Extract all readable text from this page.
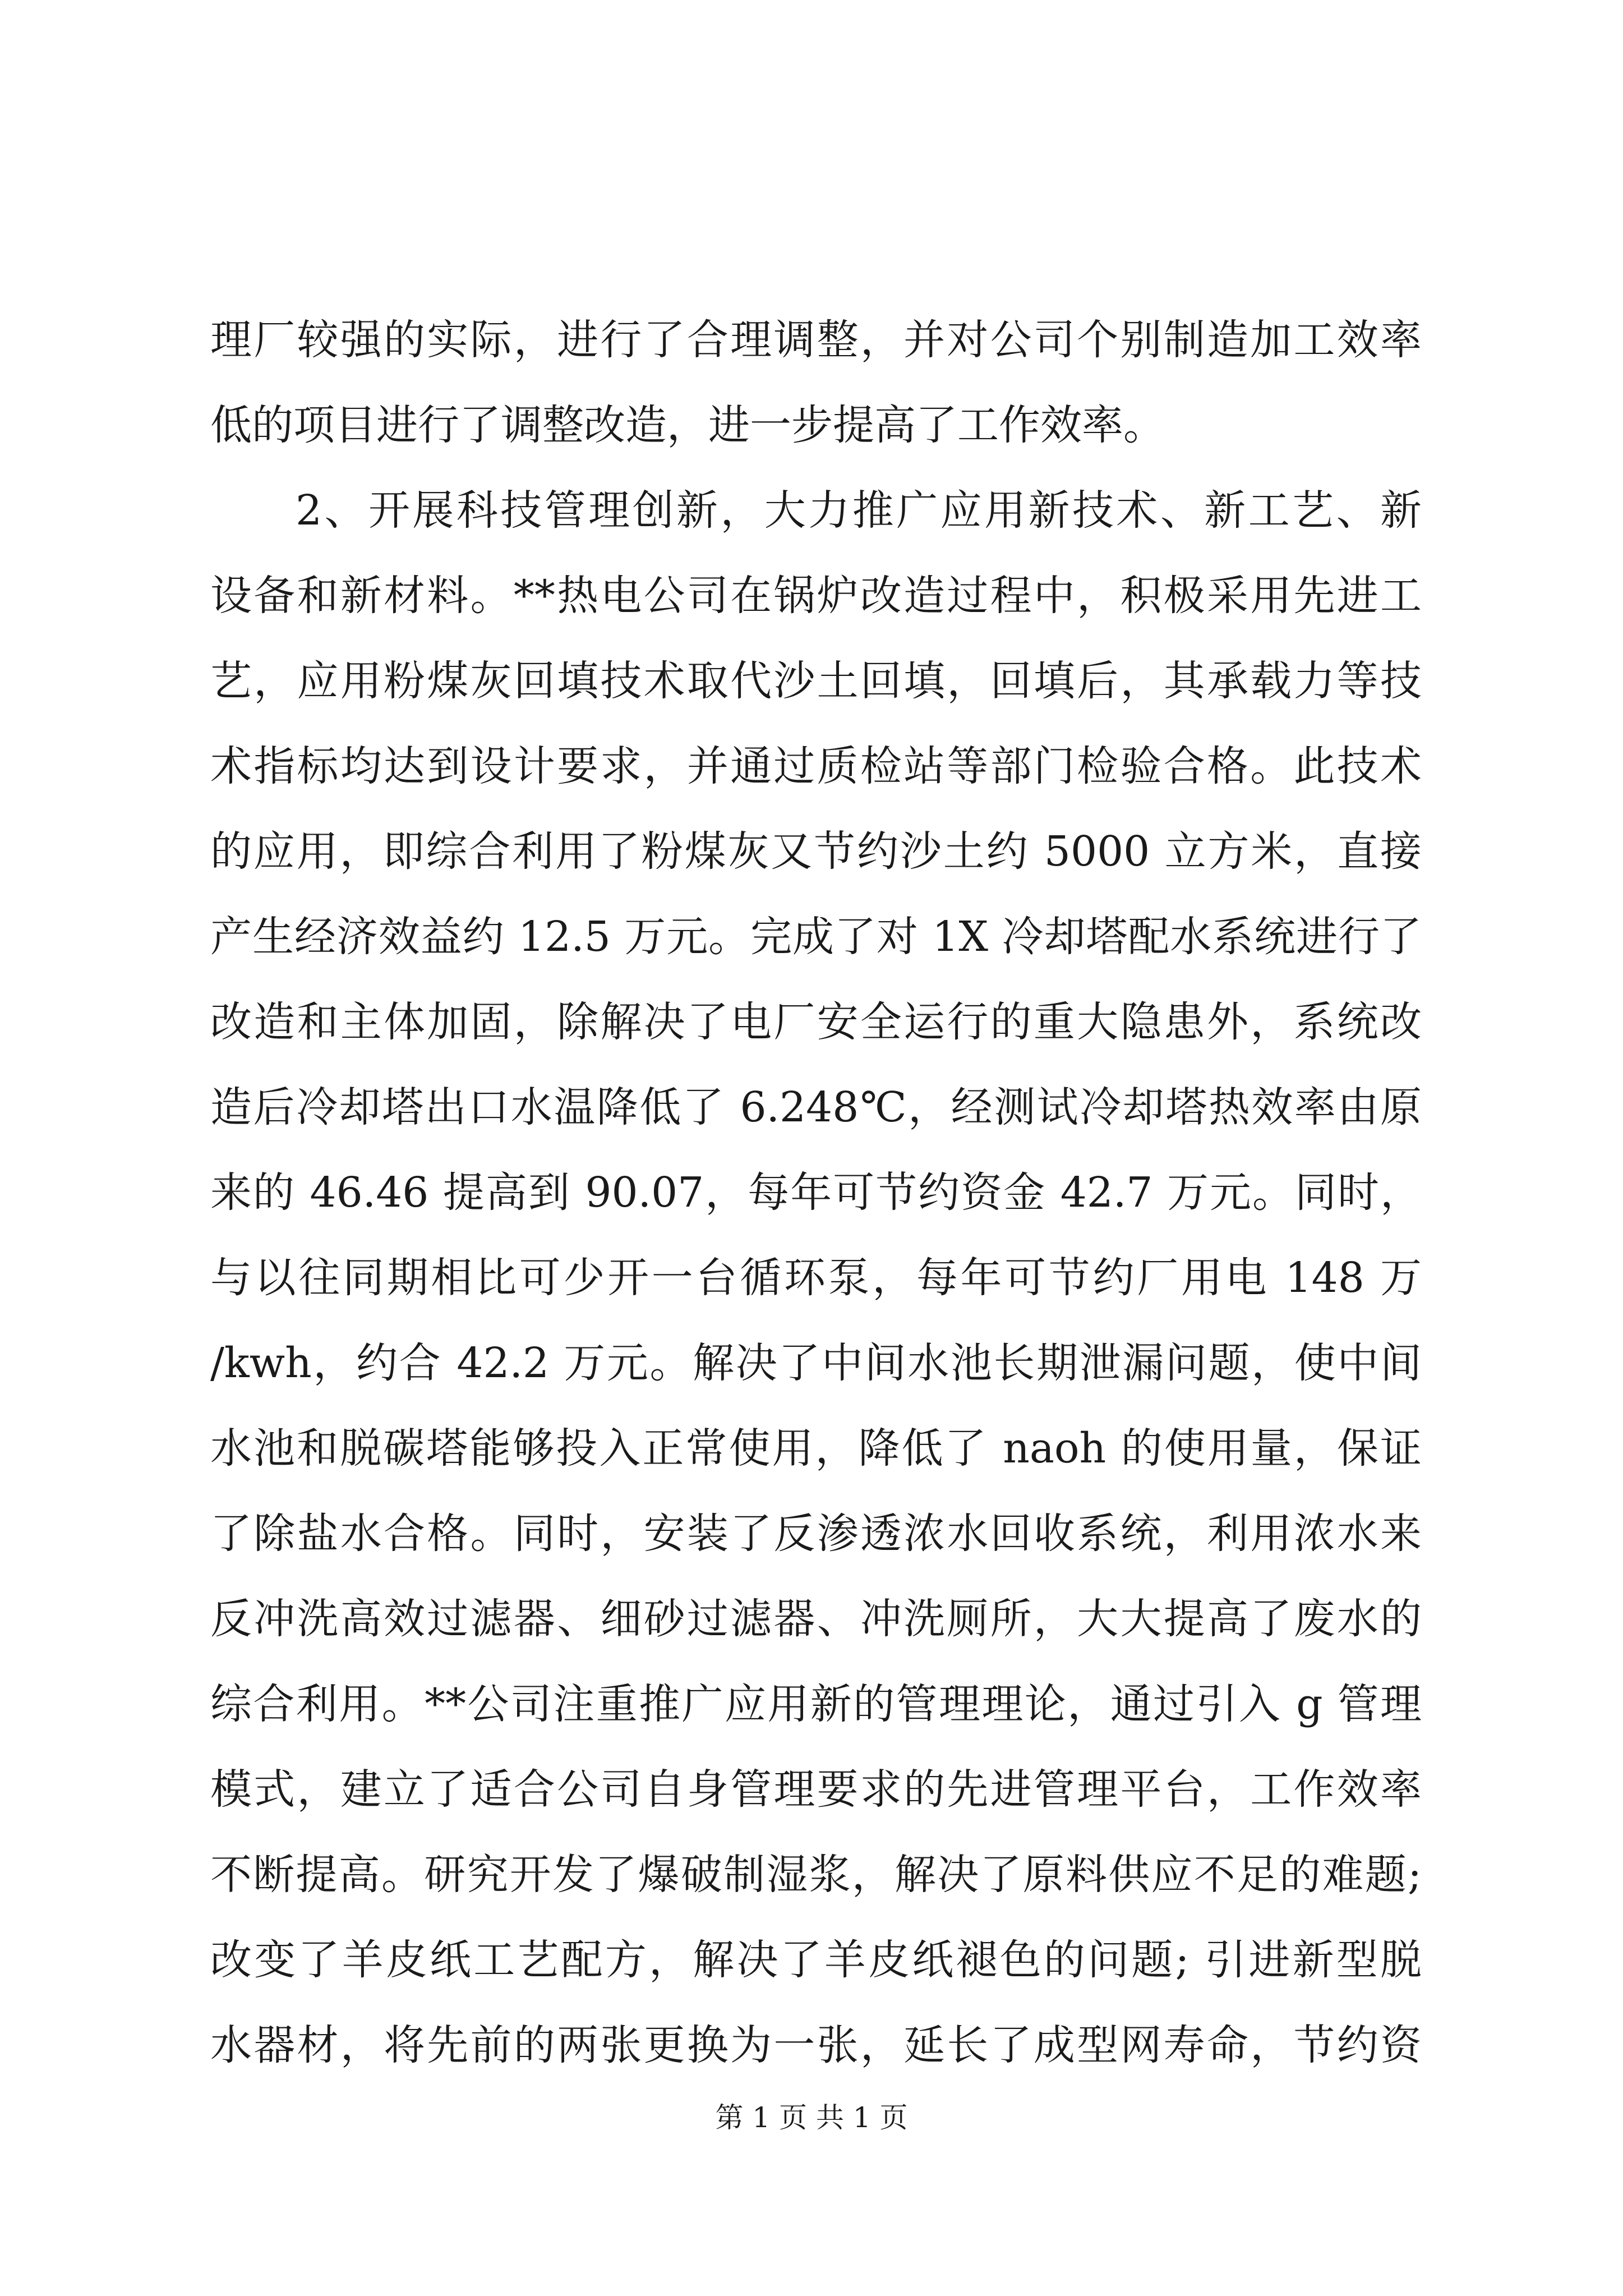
理厂较强的实际，进行了合理调整，并对公司个别制造加工效率
低的项目进行了调整改造，进一步提高了工作效率。
2、开展科技管理创新，大力推广应用新技术、新工艺、新
设备和新材料。**热电公司在锅炉改造过程中，积极采用先进工
艺，应用粉煤灰回填技术取代沙土回填，回填后，其承载力等技
术指标均达到设计要求，并通过质检站等部门检验合格。此技术
的应用，即综合利用了粉煤灰又节约沙土约 5000 立方米，直接
产生经济效益约 12.5 万元。完成了对 1X 冷却塔配水系统进行了
改造和主体加固，除解决了电厂安全运行的重大隐患外，系统改
造后冷却塔出口水温降低了 6.248℃，经测试冷却塔热效率由原
来的 46.46 提高到 90.07，每年可节约资金 42.7 万元。同时，
与以往同期相比可少开一台循环泵，每年可节约厂用电 148 万
/kwh，约合 42.2 万元。解决了中间水池长期泄漏问题，使中间
水池和脱碳塔能够投入正常使用，降低了 naoh 的使用量，保证
了除盐水合格。同时，安装了反渗透浓水回收系统，利用浓水来
反冲洗高效过滤器、细砂过滤器、冲洗厕所，大大提高了废水的
综合利用。**公司注重推广应用新的管理理论，通过引入 g 管理
模式，建立了适合公司自身管理要求的先进管理平台，工作效率
不断提高。研究开发了爆破制湿浆，解决了原料供应不足的难题;
改变了羊皮纸工艺配方，解决了羊皮纸褪色的问题; 引进新型脱
水器材，将先前的两张更换为一张，延长了成型网寿命，节约资
第 1 页 共 1 页
